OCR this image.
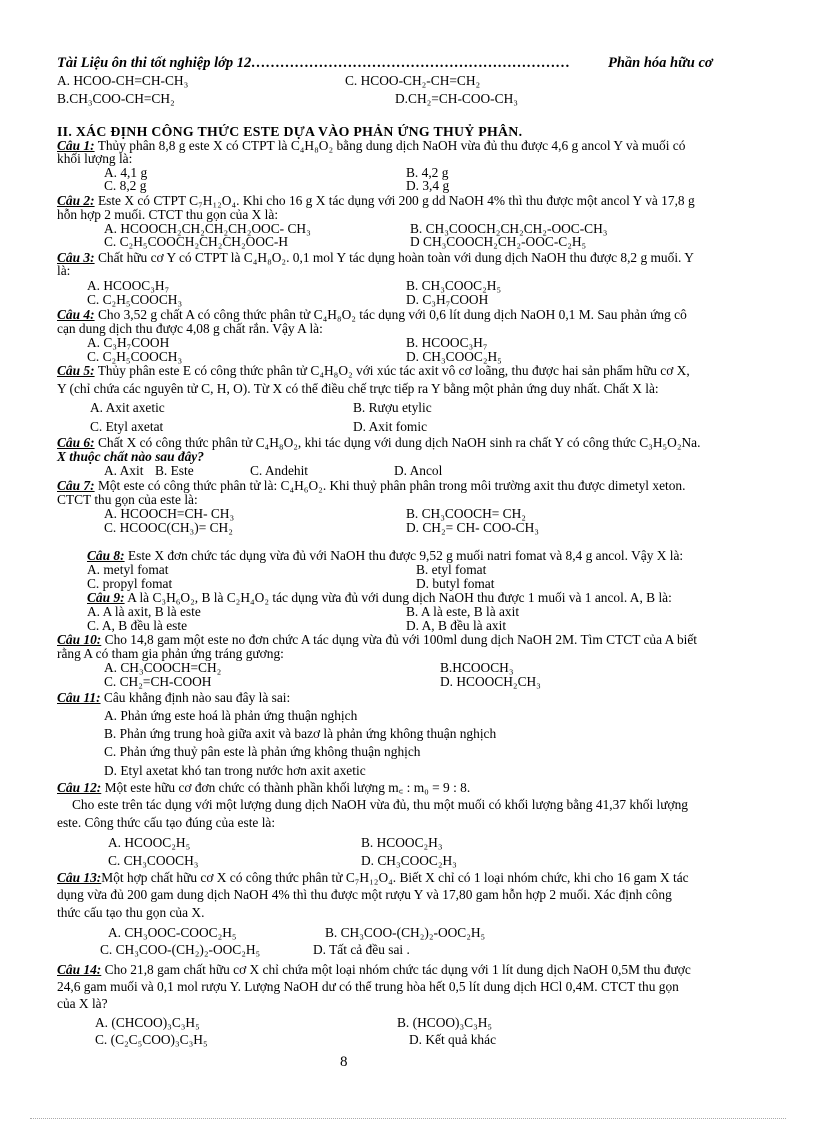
Tài Liệu ôn thi tốt nghiệp lớp 12…………………………………………………………	Phần hóa hữu cơ
A. HCOO-CH=CH-CH₃	C. HCOO-CH₂-CH=CH₂
B.CH₃COO-CH=CH₂	D.CH₂=CH-COO-CH₃
II. XÁC ĐỊNH CÔNG THỨC ESTE DỰA VÀO PHẢN ỨNG THUỶ PHÂN.
Câu 1: Thủy phân 8,8 g este X có CTPT là C₄H₈O₂ bằng dung dịch NaOH vừa đủ thu được 4,6 g ancol Y và muối có
khối lượng là:
A. 4,1 g	B. 4,2 g
C. 8,2 g	D. 3,4 g
Câu 2: Este X có CTPT C₇H₁₂O₄. Khi cho 16 g X tác dụng với 200 g dd NaOH 4% thì thu được một ancol Y và 17,8 g
hỗn hợp 2 muối. CTCT thu gọn của X là:
A. HCOOCH₂CH₂CH₂CH₂OOC- CH₃	B. CH₃COOCH₂CH₂CH₂-OOC-CH₃
C. C₂H₅COOCH₂CH₂CH₂OOC-H	D CH₃COOCH₂CH₂-OOC-C₂H₅
Câu 3: Chất hữu cơ Y có CTPT là C₄H₈O₂. 0,1 mol Y tác dụng hoàn toàn với dung dịch NaOH thu được 8,2 g muối. Y
là:
A. HCOOC₃H₇	B. CH₃COOC₂H₅
C. C₂H₅COOCH₃	D. C₃H₇COOH
Câu 4: Cho 3,52 g chất A có công thức phân tử C₄H₈O₂ tác dụng với 0,6 lít dung dịch NaOH 0,1 M. Sau phản ứng cô
cạn dung dịch thu được 4,08 g chất rắn. Vậy A là:
A. C₃H₇COOH	B. HCOOC₃H₇
C. C₂H₅COOCH₃	D. CH₃COOC₂H₅
Câu 5: Thủy phân este E có công thức phân tử C₄H₈O₂ với xúc tác axit vô cơ loãng, thu được hai sản phẩm hữu cơ X,
Y (chỉ chứa các nguyên tử C, H, O). Từ X có thể điều chế trực tiếp ra Y bằng một phản ứng duy nhất. Chất X là:
A. Axit axetic	B. Rượu etylic
C. Etyl axetat	D. Axit fomic
Câu 6: Chất X có công thức phân tử C₄H₈O₂, khi tác dụng với dung dịch NaOH sinh ra chất Y có công thức C₃H₅O₂Na.
X thuộc chất nào sau đây?
A. Axit B. Este	C. Andehit	D. Ancol
Câu 7: Một este có công thức phân tử là: C₄H₆O₂. Khi thuỷ phân phân trong môi trường axit thu được dimetyl xeton.
CTCT thu gọn của este là:
A. HCOOCH=CH- CH₃	B. CH₃COOCH= CH₂
C. HCOOC(CH₃)= CH₂	D. CH₂= CH- COO-CH₃
Câu 8: Este X đơn chức tác dụng vừa đủ với NaOH thu được 9,52 g muối natri fomat và 8,4 g ancol. Vậy X là:
A. metyl fomat	B. etyl fomat
C. propyl fomat	D. butyl fomat
Câu 9: A là C₃H₆O₂, B là C₂H₄O₂ tác dụng vừa đủ với dung dịch NaOH thu được 1 muối và 1 ancol. A, B là:
A. A là axit, B là este	B. A là este, B là axit
C. A, B đều là este	D. A, B đều là axit
Câu 10: Cho 14,8 gam một este no đơn chức A tác dụng vừa đủ với 100ml dung dịch NaOH 2M. Tìm CTCT của A biết
rằng A có tham gia phản ứng tráng gương:
A. CH₃COOCH=CH₂	B.HCOOCH₃
C. CH₂=CH-COOH	D. HCOOCH₂CH₃
Câu 11: Câu khẳng định nào sau đây là sai:
A. Phản ứng este hoá là phản ứng thuận nghịch
B. Phản ứng trung hoà giữa axit và bazơ là phản ứng không thuận nghịch
C. Phản ứng thuỷ pân este là phản ứng không thuận nghịch
D. Etyl axetat khó tan trong nước hơn axit axetic
Câu 12: Một este hữu cơ đơn chức có thành phần khối lượng m꜀ : m₀ = 9 : 8.
Cho este trên tác dụng với một lượng dung dịch NaOH vừa đủ, thu một muối có khối lượng bằng 41,37 khối lượng
este. Công thức cấu tạo đúng của este là:
A. HCOOC₂H₅	B. HCOOC₂H₃
C. CH₃COOCH₃	D. CH₃COOC₂H₃
Câu 13:Một hợp chất hữu cơ X có công thức phân tử C₇H₁₂O₄. Biết X chỉ có 1 loại nhóm chức, khi cho 16 gam X tác
dụng vừa đủ 200 gam dung dịch NaOH 4% thì thu được một rượu Y và 17,80 gam hỗn hợp 2 muối. Xác định công
thức cấu tạo thu gọn của X.
A. CH₃OOC-COOC₂H₅	B. CH₃COO-(CH₂)₂-OOC₂H₅
C. CH₃COO-(CH₂)₂-OOC₂H₅	D. Tất cả đều sai .
Câu 14: Cho 21,8 gam chất hữu cơ X chỉ chứa một loại nhóm chức tác dụng với 1 lít dung dịch NaOH 0,5M thu được
24,6 gam muối và 0,1 mol rượu Y. Lượng NaOH dư có thể trung hòa hết 0,5 lít dung dịch HCl 0,4M. CTCT thu gọn
của X là?
A. (CHCOO)₃C₃H₅	B. (HCOO)₃C₃H₅
C. (C₂C₅COO)₃C₃H₅	D. Kết quả khác
8
